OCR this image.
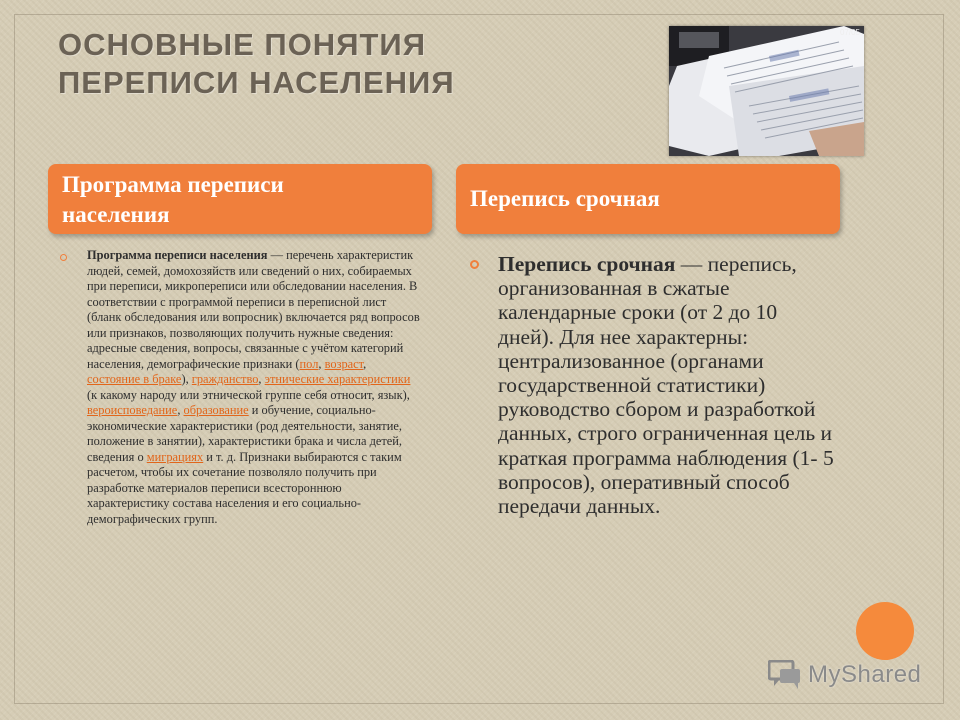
ОСНОВНЫЕ ПОНЯТИЯ
ПЕРЕПИСИ НАСЕЛЕНИЯ
07/05
Программа переписи
населения
Перепись срочная
Программа переписи населения — перечень характеристик людей, семей, домохозяйств или сведений о них, собираемых при переписи, микропереписи или обследовании населения. В соответствии с программой переписи в переписной лист (бланк обследования или вопросник) включается ряд вопросов или признаков, позволяющих получить нужные сведения: адресные сведения, вопросы, связанные с учётом категорий населения, демографические признаки (пол, возраст, состояние в браке), гражданство, этнические характеристики (к какому народу или этнической группе себя относит, язык), вероисповедание, образование и обучение, социально-экономические характеристики (род деятельности, занятие, положение в занятии), характеристики брака и числа детей, сведения о миграциях и т. д. Признаки выбираются с таким расчетом, чтобы их сочетание позволяло получить при разработке материалов переписи всестороннюю характеристику состава населения и его социально-демографических групп.
Перепись срочная — перепись, организованная в сжатые календарные сроки (от 2 до 10 дней). Для нее характерны: централизованное (органами государственной статистики) руководство сбором и разработкой данных, строго ограниченная цель и краткая программа наблюдения (1- 5 вопросов), оперативный способ передачи данных.
MyShared
